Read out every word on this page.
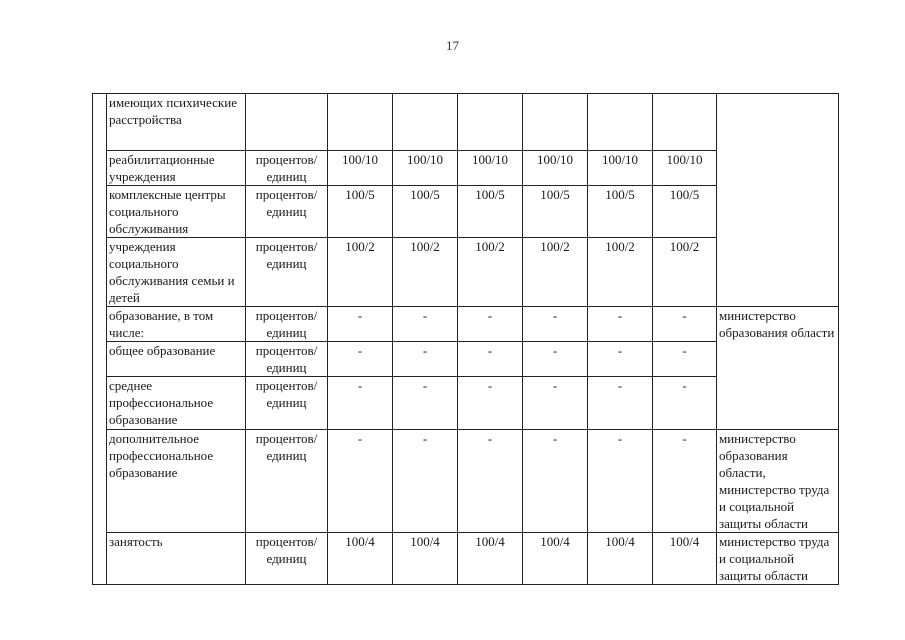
17
	имеющих психические расстройства								
	реабилитационные учреждения	процентов/ единиц	100/10	100/10	100/10	100/10	100/10	100/10	
	комплексные центры социального обслуживания	процентов/ единиц	100/5	100/5	100/5	100/5	100/5	100/5	
	учреждения социального обслуживания семьи и детей	процентов/ единиц	100/2	100/2	100/2	100/2	100/2	100/2	
	образование, в том числе:	процентов/ единиц	-	-	-	-	-	-	министерство образования области
	общее образование	процентов/ единиц	-	-	-	-	-	-	
	среднее профессиональное образование	процентов/ единиц	-	-	-	-	-	-	
	дополнительное профессиональное образование	процентов/ единиц	-	-	-	-	-	-	министерство образования области, министерство труда и социальной защиты области
	занятость	процентов/ единиц	100/4	100/4	100/4	100/4	100/4	100/4	министерство труда и социальной защиты области
